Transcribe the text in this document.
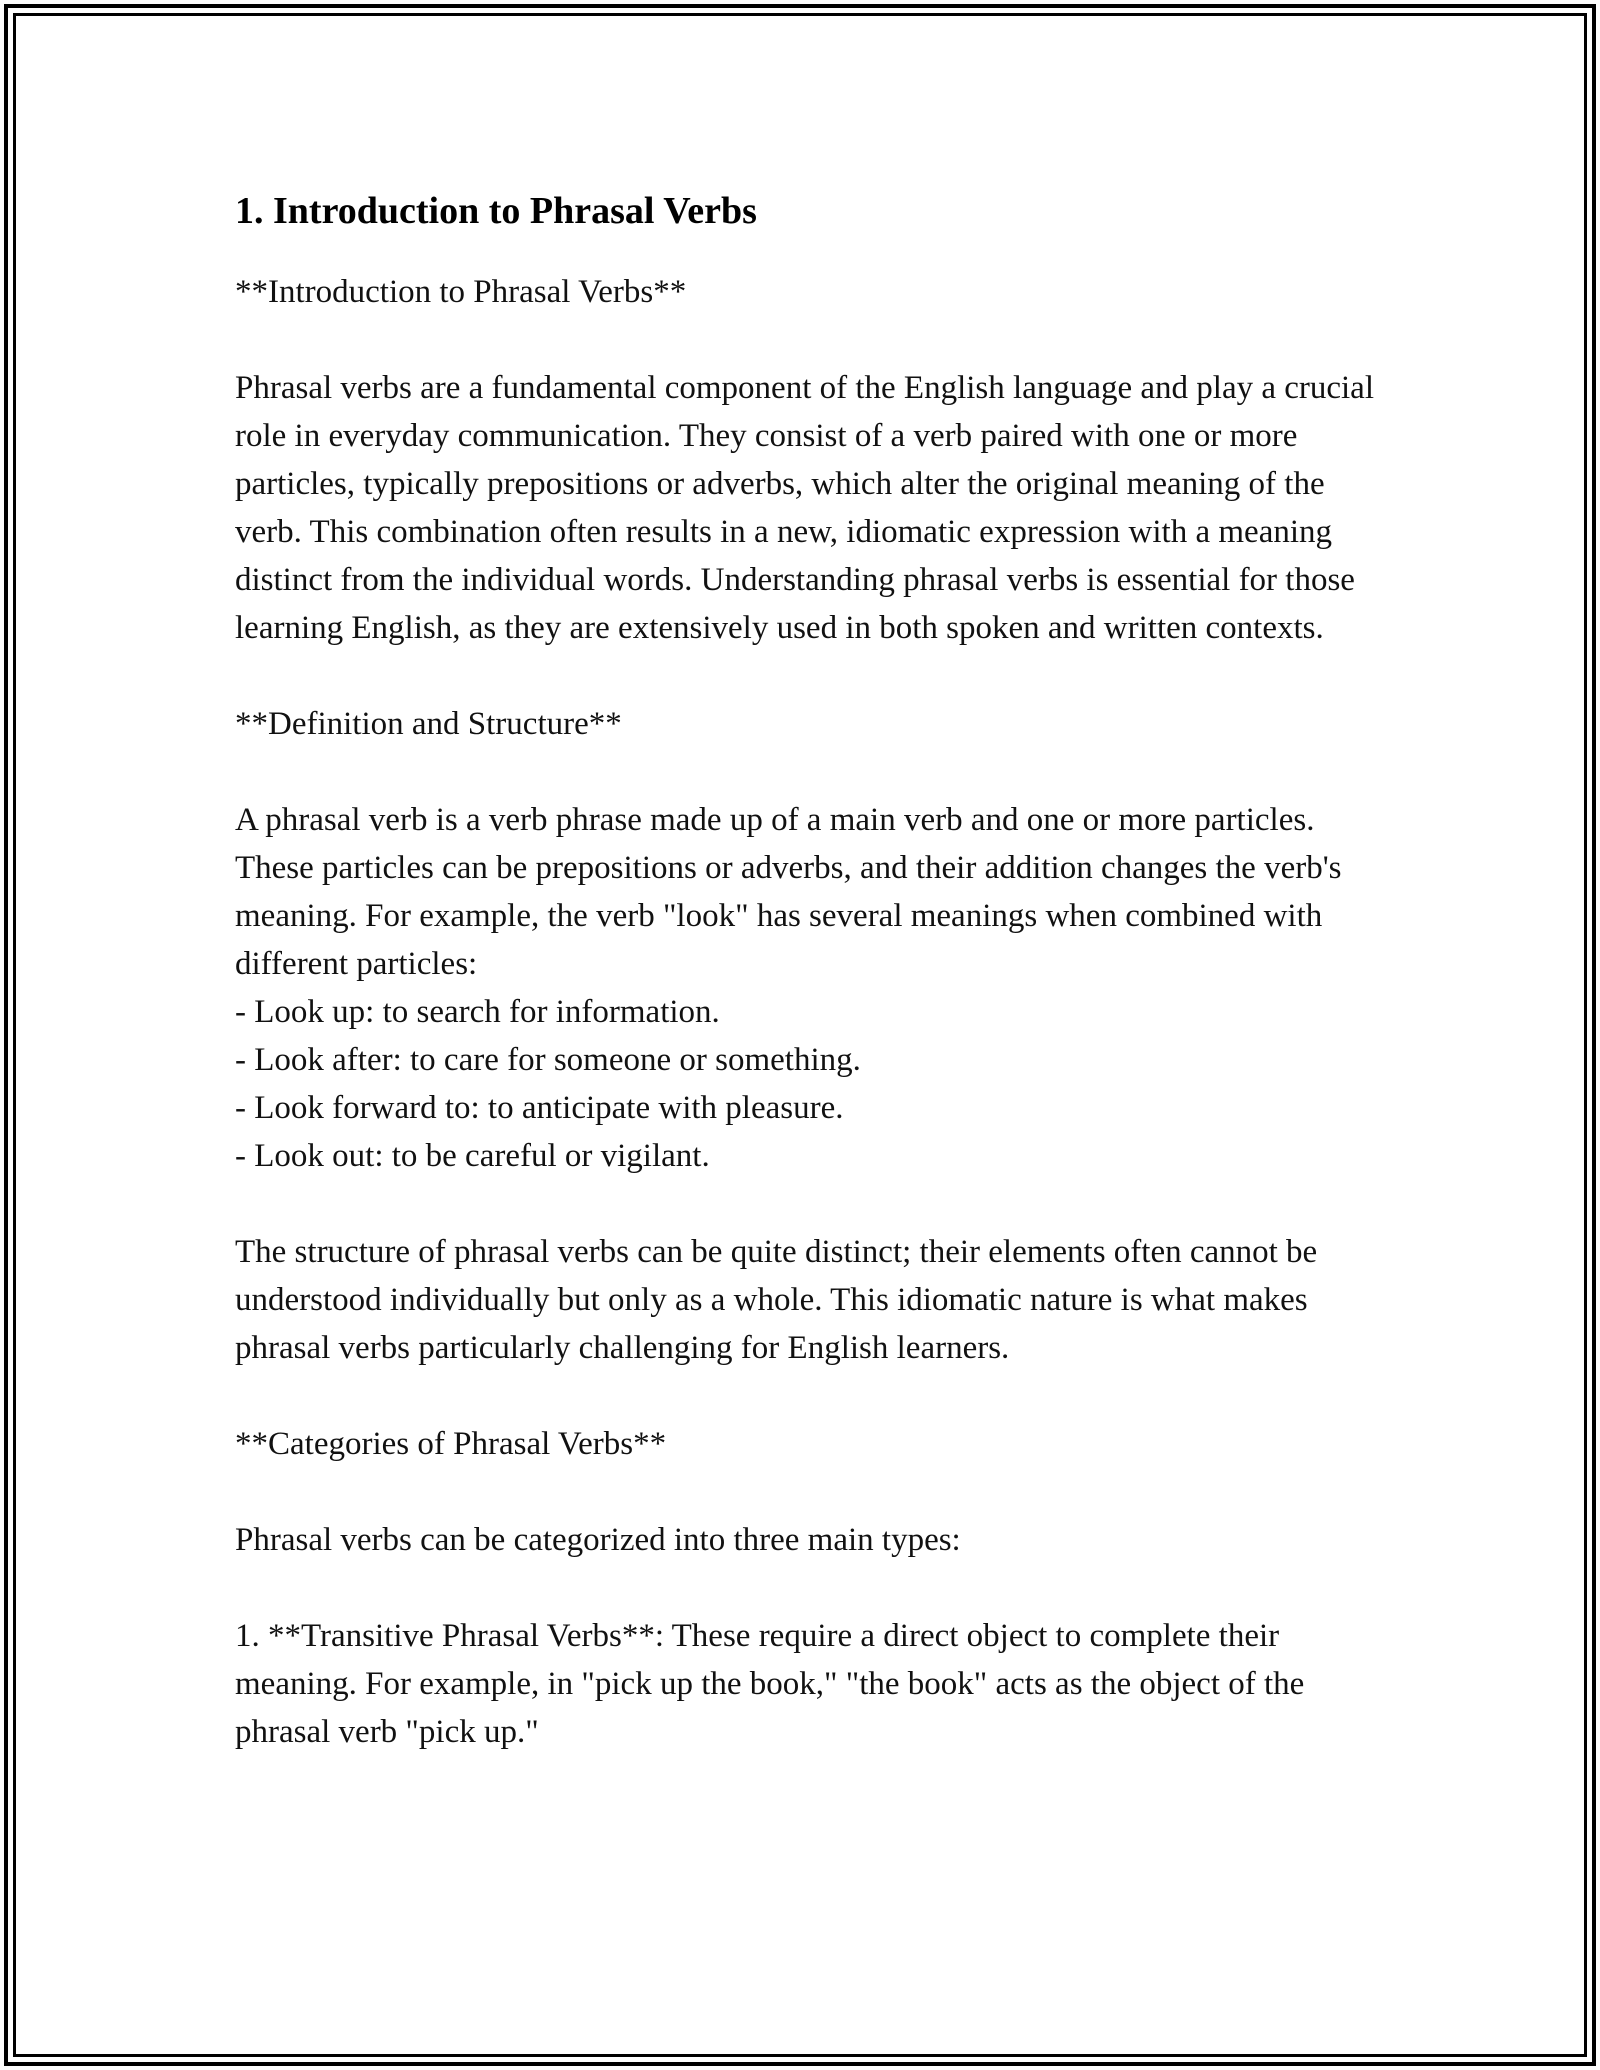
1. Introduction to Phrasal Verbs

**Introduction to Phrasal Verbs**

Phrasal verbs are a fundamental component of the English language and play a crucial role in everyday communication. They consist of a verb paired with one or more particles, typically prepositions or adverbs, which alter the original meaning of the verb. This combination often results in a new, idiomatic expression with a meaning distinct from the individual words. Understanding phrasal verbs is essential for those learning English, as they are extensively used in both spoken and written contexts.

**Definition and Structure**

A phrasal verb is a verb phrase made up of a main verb and one or more particles. These particles can be prepositions or adverbs, and their addition changes the verb's meaning. For example, the verb "look" has several meanings when combined with different particles:

- Look up: to search for information.
- Look after: to care for someone or something.
- Look forward to: to anticipate with pleasure.
- Look out: to be careful or vigilant.

The structure of phrasal verbs can be quite distinct; their elements often cannot be understood individually but only as a whole. This idiomatic nature is what makes phrasal verbs particularly challenging for English learners.

**Categories of Phrasal Verbs**

Phrasal verbs can be categorized into three main types:

1. **Transitive Phrasal Verbs**: These require a direct object to complete their meaning. For example, in "pick up the book," "the book" acts as the object of the phrasal verb "pick up."
